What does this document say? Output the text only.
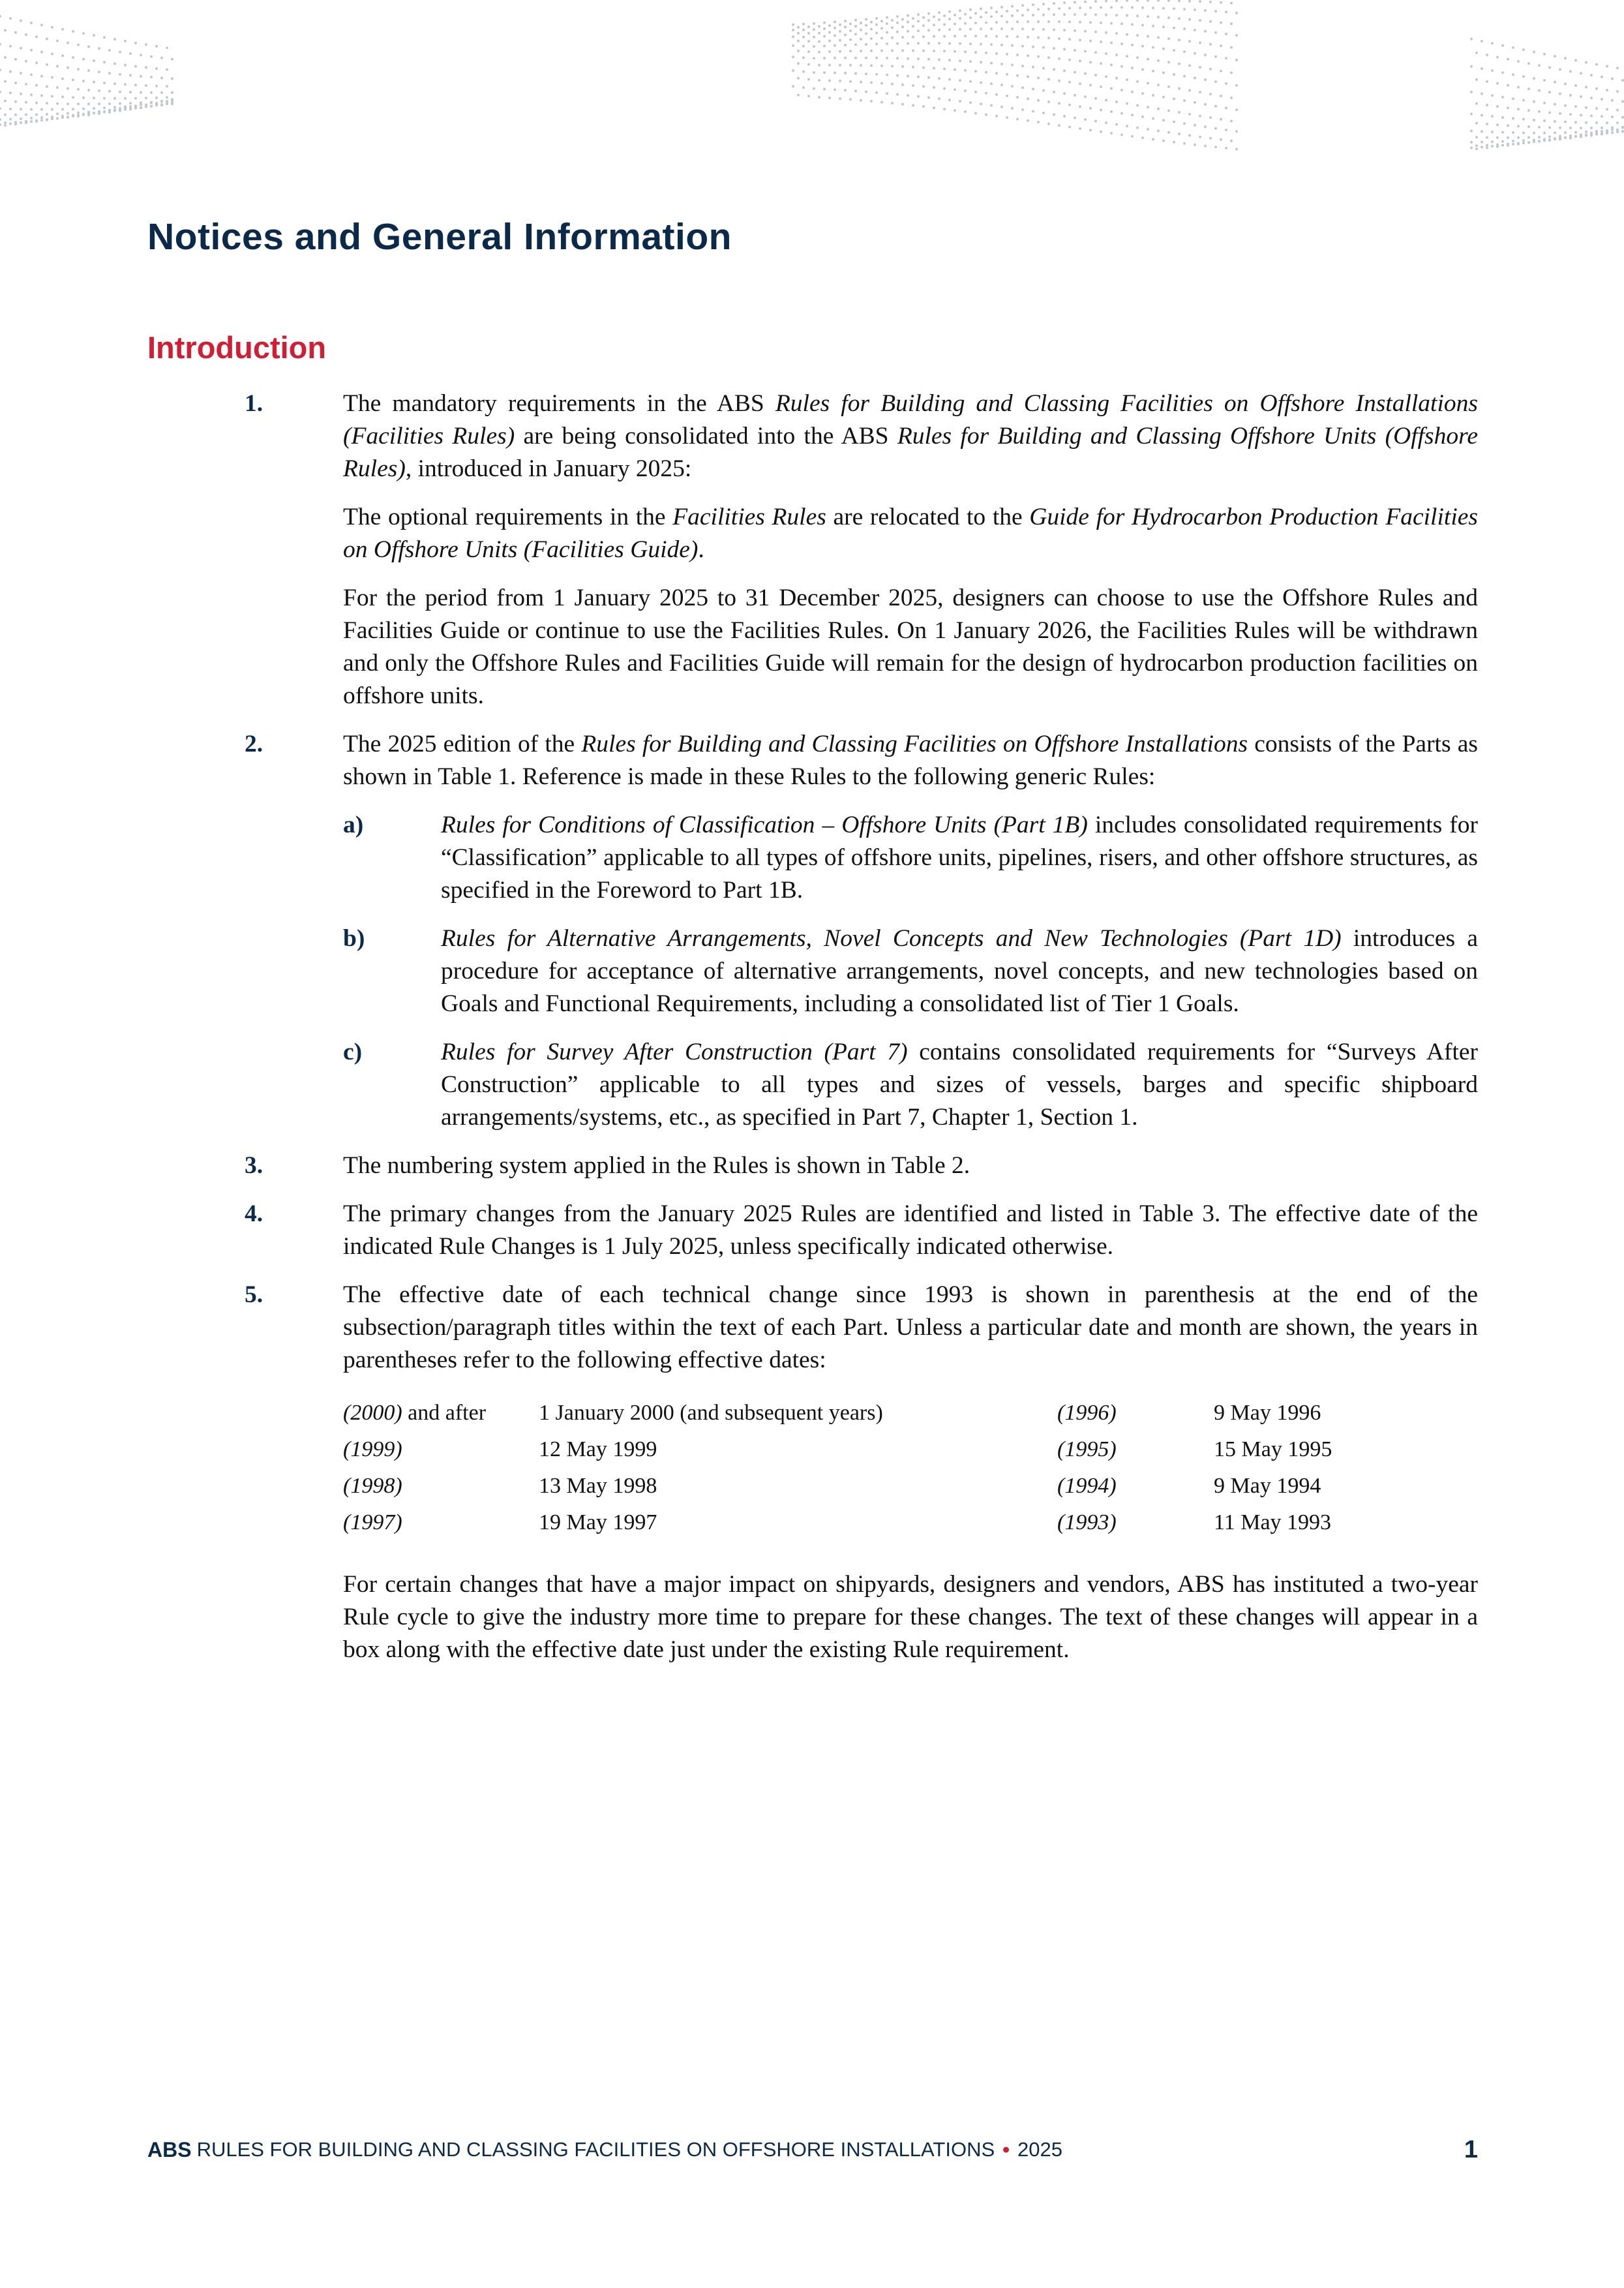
Notices and General Information
Introduction
1.	The mandatory requirements in the ABS Rules for Building and Classing Facilities on Offshore Installations (Facilities Rules) are being consolidated into the ABS Rules for Building and Classing Offshore Units (Offshore Rules), introduced in January 2025:

The optional requirements in the Facilities Rules are relocated to the Guide for Hydrocarbon Production Facilities on Offshore Units (Facilities Guide).

For the period from 1 January 2025 to 31 December 2025, designers can choose to use the Offshore Rules and Facilities Guide or continue to use the Facilities Rules. On 1 January 2026, the Facilities Rules will be withdrawn and only the Offshore Rules and Facilities Guide will remain for the design of hydrocarbon production facilities on offshore units.

2.	The 2025 edition of the Rules for Building and Classing Facilities on Offshore Installations consists of the Parts as shown in Table 1. Reference is made in these Rules to the following generic Rules:

a)	Rules for Conditions of Classification – Offshore Units (Part 1B) includes consolidated requirements for “Classification” applicable to all types of offshore units, pipelines, risers, and other offshore structures, as specified in the Foreword to Part 1B.
b)	Rules for Alternative Arrangements, Novel Concepts and New Technologies (Part 1D) introduces a procedure for acceptance of alternative arrangements, novel concepts, and new technologies based on Goals and Functional Requirements, including a consolidated list of Tier 1 Goals.
c)	Rules for Survey After Construction (Part 7) contains consolidated requirements for “Surveys After Construction” applicable to all types and sizes of vessels, barges and specific shipboard arrangements/systems, etc., as specified in Part 7, Chapter 1, Section 1.
3.	The numbering system applied in the Rules is shown in Table 2.

4.	The primary changes from the January 2025 Rules are identified and listed in Table 3. The effective date of the indicated Rule Changes is 1 July 2025, unless specifically indicated otherwise.

5.	The effective date of each technical change since 1993 is shown in parenthesis at the end of the subsection/paragraph titles within the text of each Part. Unless a particular date and month are shown, the years in parentheses refer to the following effective dates:

(2000) and after	1 January 2000 (and subsequent years)	(1996)	9 May 1996
(1999)	12 May 1999	(1995)	15 May 1995
(1998)	13 May 1998	(1994)	9 May 1994
(1997)	19 May 1997	(1993)	11 May 1993

For certain changes that have a major impact on shipyards, designers and vendors, ABS has instituted a two-year Rule cycle to give the industry more time to prepare for these changes. The text of these changes will appear in a box along with the effective date just under the existing Rule requirement.

ABS RULES FOR BUILDING AND CLASSING FACILITIES ON OFFSHORE INSTALLATIONS • 2025	1
